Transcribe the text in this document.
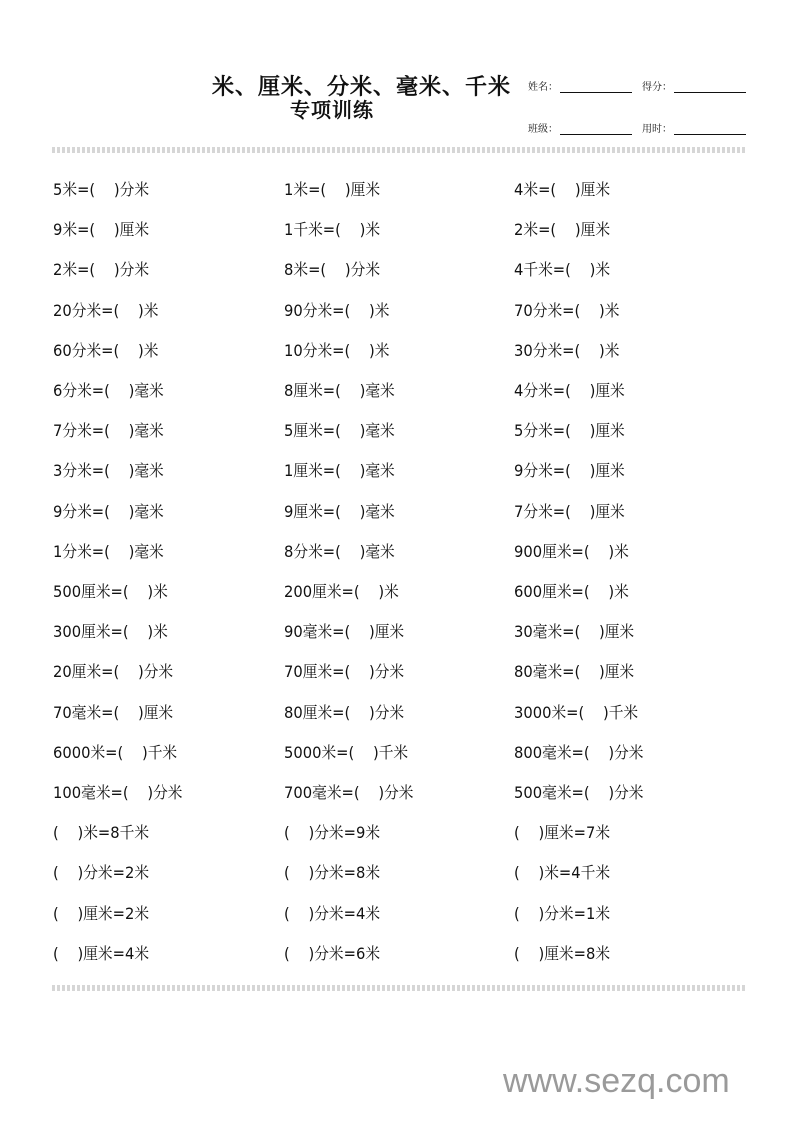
米、厘米、分米、毫米、千米
专项训练
姓名：	得分：
班级：	用时：
5米=(    )分米	1米=(    )厘米	4米=(    )厘米
9米=(    )厘米	1千米=(    )米	2米=(    )厘米
2米=(    )分米	8米=(    )分米	4千米=(    )米
20分米=(    )米	90分米=(    )米	70分米=(    )米
60分米=(    )米	10分米=(    )米	30分米=(    )米
6分米=(    )毫米	8厘米=(    )毫米	4分米=(    )厘米
7分米=(    )毫米	5厘米=(    )毫米	5分米=(    )厘米
3分米=(    )毫米	1厘米=(    )毫米	9分米=(    )厘米
9分米=(    )毫米	9厘米=(    )毫米	7分米=(    )厘米
1分米=(    )毫米	8分米=(    )毫米	900厘米=(    )米
500厘米=(    )米	200厘米=(    )米	600厘米=(    )米
300厘米=(    )米	90毫米=(    )厘米	30毫米=(    )厘米
20厘米=(    )分米	70厘米=(    )分米	80毫米=(    )厘米
70毫米=(    )厘米	80厘米=(    )分米	3000米=(    )千米
6000米=(    )千米	5000米=(    )千米	800毫米=(    )分米
100毫米=(    )分米	700毫米=(    )分米	500毫米=(    )分米
(    )米=8千米	(    )分米=9米	(    )厘米=7米
(    )分米=2米	(    )分米=8米	(    )米=4千米
(    )厘米=2米	(    )分米=4米	(    )分米=1米
(    )厘米=4米	(    )分米=6米	(    )厘米=8米
www.sezq.com
